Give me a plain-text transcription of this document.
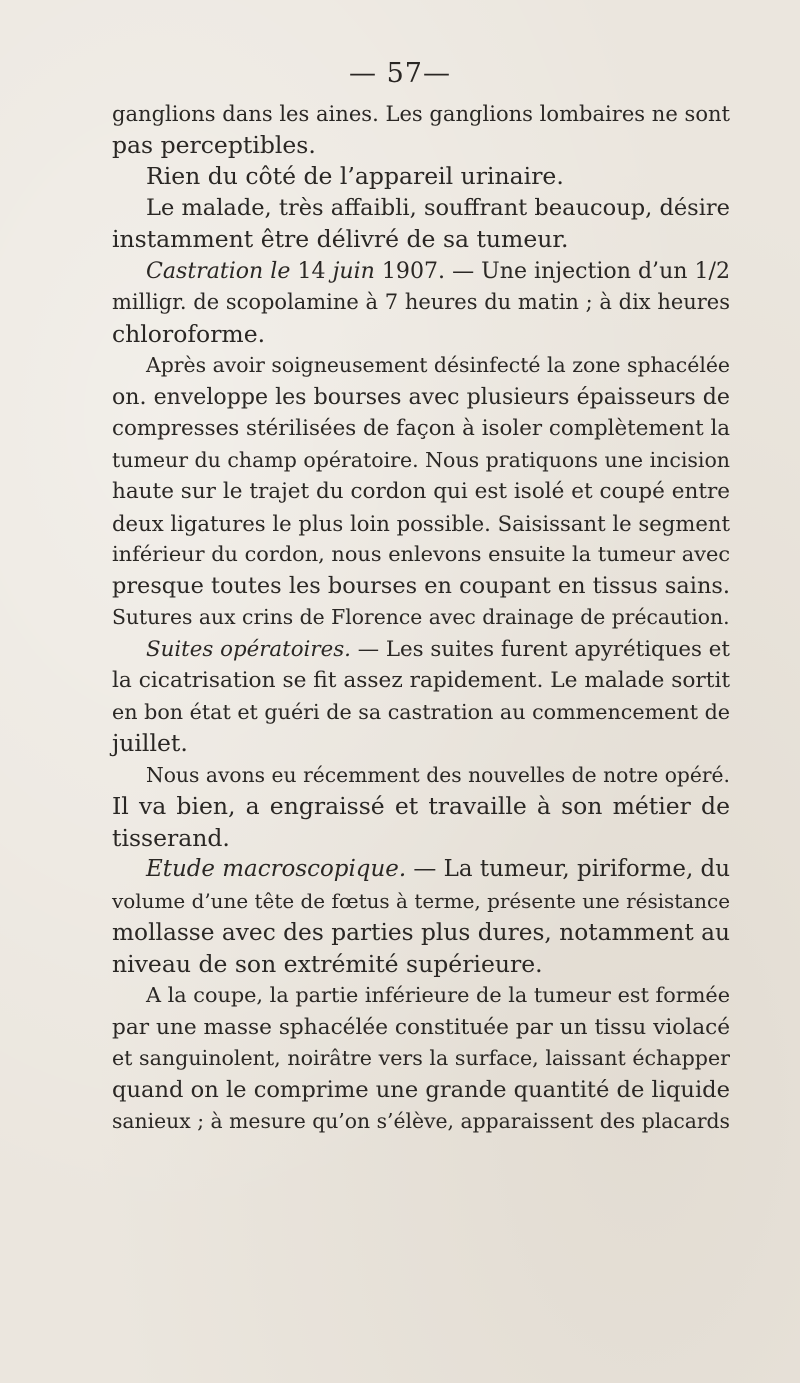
— 57—
ganglions dans les aines. Les ganglions lombaires ne sont
pas perceptibles.
Rien du côté de l’appareil urinaire.
Le malade, très affaibli, souffrant beaucoup, désire
instamment être délivré de sa tumeur.
Castration le 14 juin 1907. — Une injection d’un 1/2
milligr. de scopolamine à 7 heures du matin ; à dix heures
chloroforme.
Après avoir soigneusement désinfecté la zone sphacélée
on. enveloppe les bourses avec plusieurs épaisseurs de
compresses stérilisées de façon à isoler complètement la
tumeur du champ opératoire. Nous pratiquons une incision
haute sur le trajet du cordon qui est isolé et coupé entre
deux ligatures le plus loin possible. Saisissant le segment
inférieur du cordon, nous enlevons ensuite la tumeur avec
presque toutes les bourses en coupant en tissus sains.
Sutures aux crins de Florence avec drainage de précaution.
Suites opératoires. — Les suites furent apyrétiques et
la cicatrisation se fit assez rapidement. Le malade sortit
en bon état et guéri de sa castration au commencement de
juillet.
Nous avons eu récemment des nouvelles de notre opéré.
Il va bien, a engraissé et travaille à son métier de
tisserand.
Etude macroscopique. — La tumeur, piriforme, du
volume d’une tête de fœtus à terme, présente une résistance
mollasse avec des parties plus dures, notamment au
niveau de son extrémité supérieure.
A la coupe, la partie inférieure de la tumeur est formée
par une masse sphacélée constituée par un tissu violacé
et sanguinolent, noirâtre vers la surface, laissant échapper
quand on le comprime une grande quantité de liquide
sanieux ; à mesure qu’on s’élève, apparaissent des placards
